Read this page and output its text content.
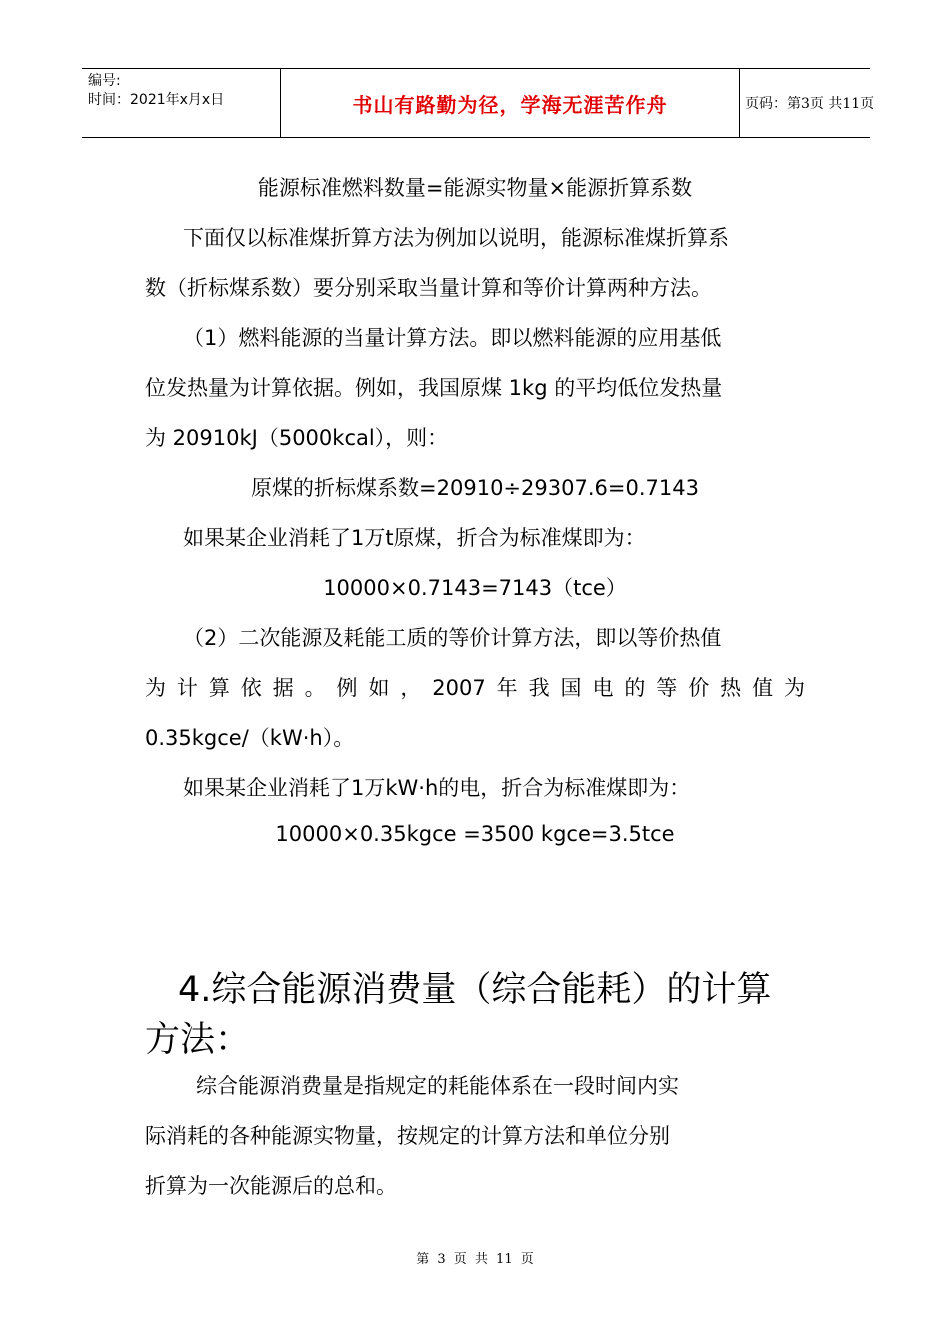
编号:
时间：2021年x月x日	书山有路勤为径，学海无涯苦作舟	页码：第3页 共11页
能源标准燃料数量=能源实物量×能源折算系数
下面仅以标准煤折算方法为例加以说明，能源标准煤折算系
数（折标煤系数）要分别采取当量计算和等价计算两种方法。
（1）燃料能源的当量计算方法。即以燃料能源的应用基低
位发热量为计算依据。例如，我国原煤 1kg 的平均低位发热量
为 20910kJ（5000kcal），则：
原煤的折标煤系数=20910÷29307.6=0.7143
如果某企业消耗了1万t原煤，折合为标准煤即为：
10000×0.7143=7143（tce）
（2）二次能源及耗能工质的等价计算方法，即以等价热值
为计算依据。例如，2007年我国电的等价热值为
0.35kgce/（kW·h）。
如果某企业消耗了1万kW·h的电，折合为标准煤即为：
10000×0.35kgce =3500 kgce=3.5tce
4.综合能源消费量（综合能耗）的计算
方法：
综合能源消费量是指规定的耗能体系在一段时间内实
际消耗的各种能源实物量，按规定的计算方法和单位分别
折算为一次能源后的总和。
第 3 页 共 11 页
